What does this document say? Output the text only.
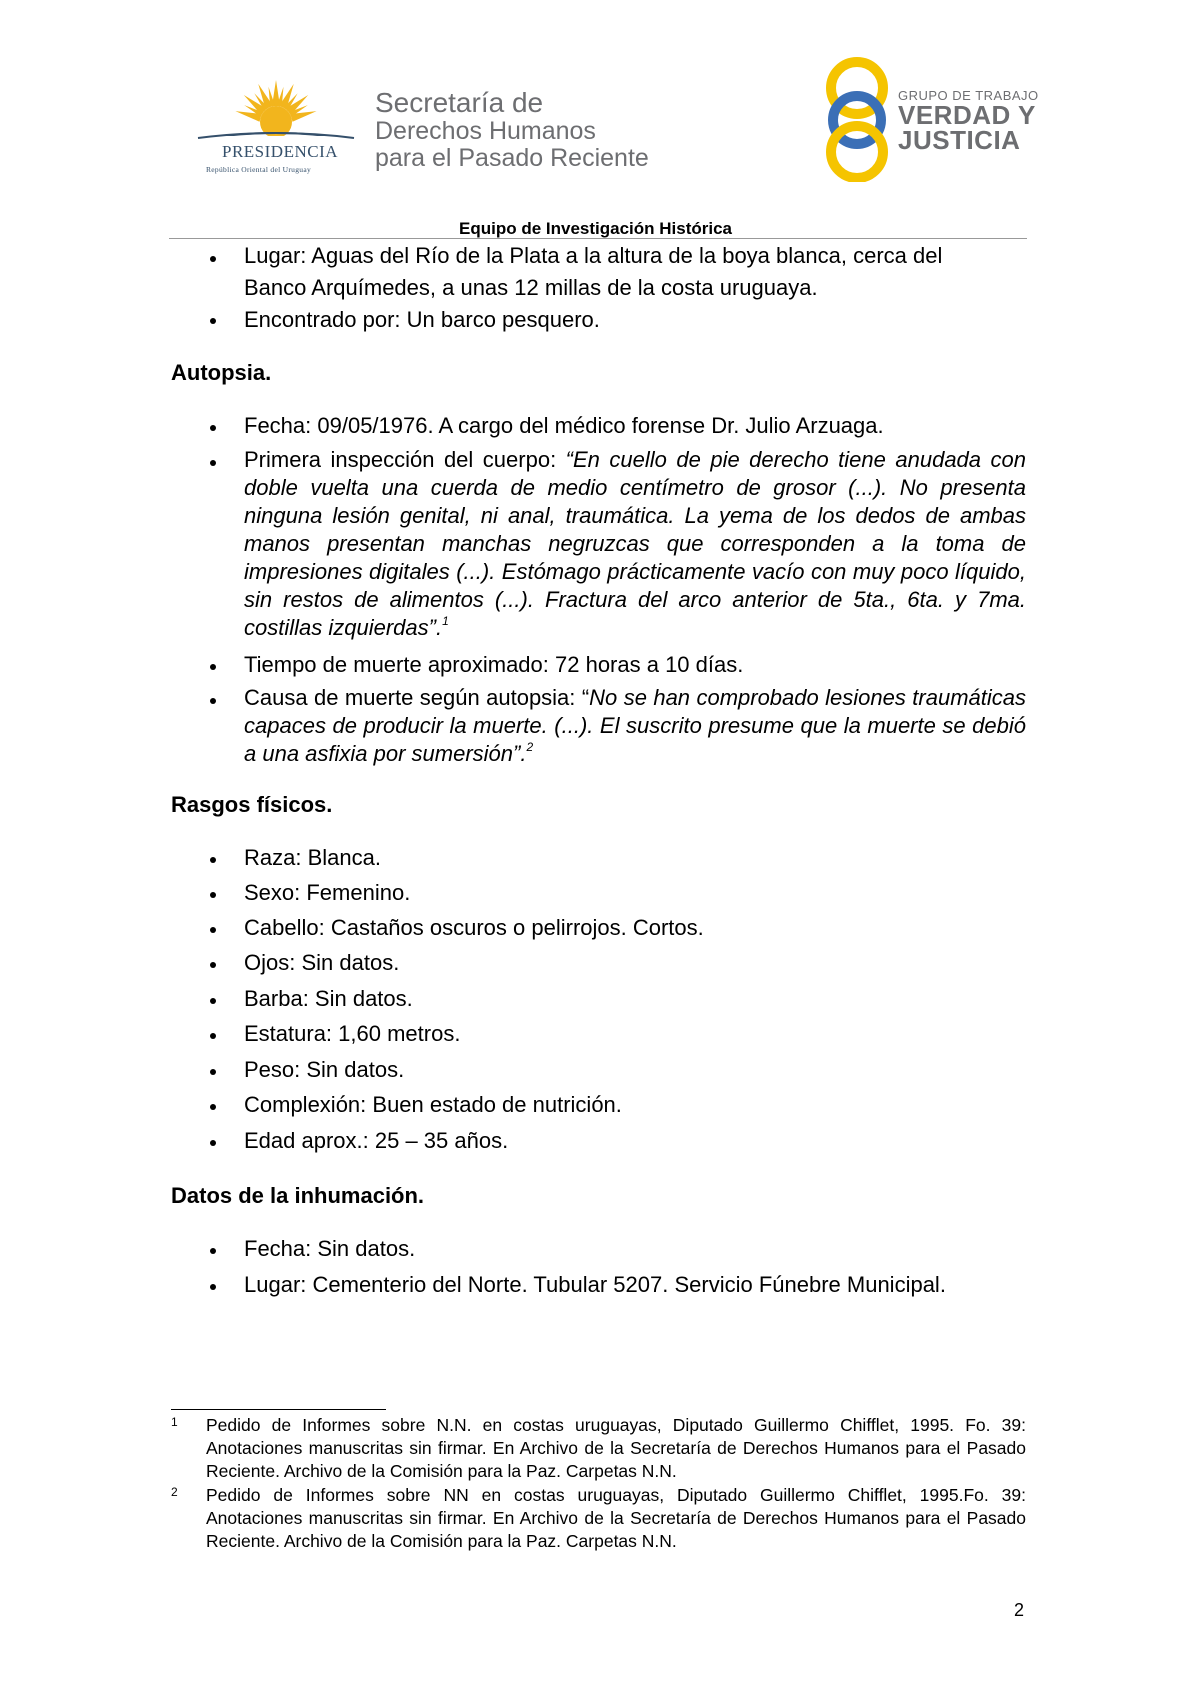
PRESIDENCIA
República Oriental del Uruguay
Secretaría de
Derechos Humanos
para el Pasado Reciente
GRUPO DE TRABAJO
VERDAD Y
JUSTICIA
Equipo de Investigación Histórica
Lugar: Aguas del Río de la Plata a la altura de la boya blanca, cerca del
Banco Arquímedes, a unas 12 millas de la costa uruguaya.
Encontrado por: Un barco pesquero.
Autopsia.
Fecha: 09/05/1976. A cargo del médico forense Dr. Julio Arzuaga.
Primera inspección del cuerpo: “En cuello de pie derecho tiene anudada con doble vuelta una cuerda de medio centímetro de grosor (...). No presenta ninguna lesión genital, ni anal, traumática. La yema de los dedos de ambas manos presentan manchas negruzcas que corresponden a la toma de impresiones digitales (...). Estómago prácticamente vacío con muy poco líquido, sin restos de alimentos (...). Fractura del arco anterior de 5ta., 6ta. y 7ma. costillas izquierdas”.$^1$
Tiempo de muerte aproximado: 72 horas a 10 días.
Causa de muerte según autopsia: “No se han comprobado lesiones traumáticas capaces de producir la muerte. (...). El suscrito presume que la muerte se debió a una asfixia por sumersión”.$^2$
Rasgos físicos.
Raza: Blanca.
Sexo: Femenino.
Cabello: Castaños oscuros o pelirrojos. Cortos.
Ojos: Sin datos.
Barba: Sin datos.
Estatura: 1,60 metros.
Peso: Sin datos.
Complexión: Buen estado de nutrición.
Edad aprox.: 25 – 35 años.
Datos de la inhumación.
Fecha: Sin datos.
Lugar: Cementerio del Norte. Tubular 5207. Servicio Fúnebre Municipal.
1 Pedido de Informes sobre N.N. en costas uruguayas, Diputado Guillermo Chifflet, 1995. Fo. 39: Anotaciones manuscritas sin firmar. En Archivo de la Secretaría de Derechos Humanos para el Pasado Reciente. Archivo de la Comisión para la Paz. Carpetas N.N.
2 Pedido de Informes sobre NN en costas uruguayas, Diputado Guillermo Chifflet, 1995.Fo. 39: Anotaciones manuscritas sin firmar. En Archivo de la Secretaría de Derechos Humanos para el Pasado Reciente. Archivo de la Comisión para la Paz. Carpetas N.N.
2
